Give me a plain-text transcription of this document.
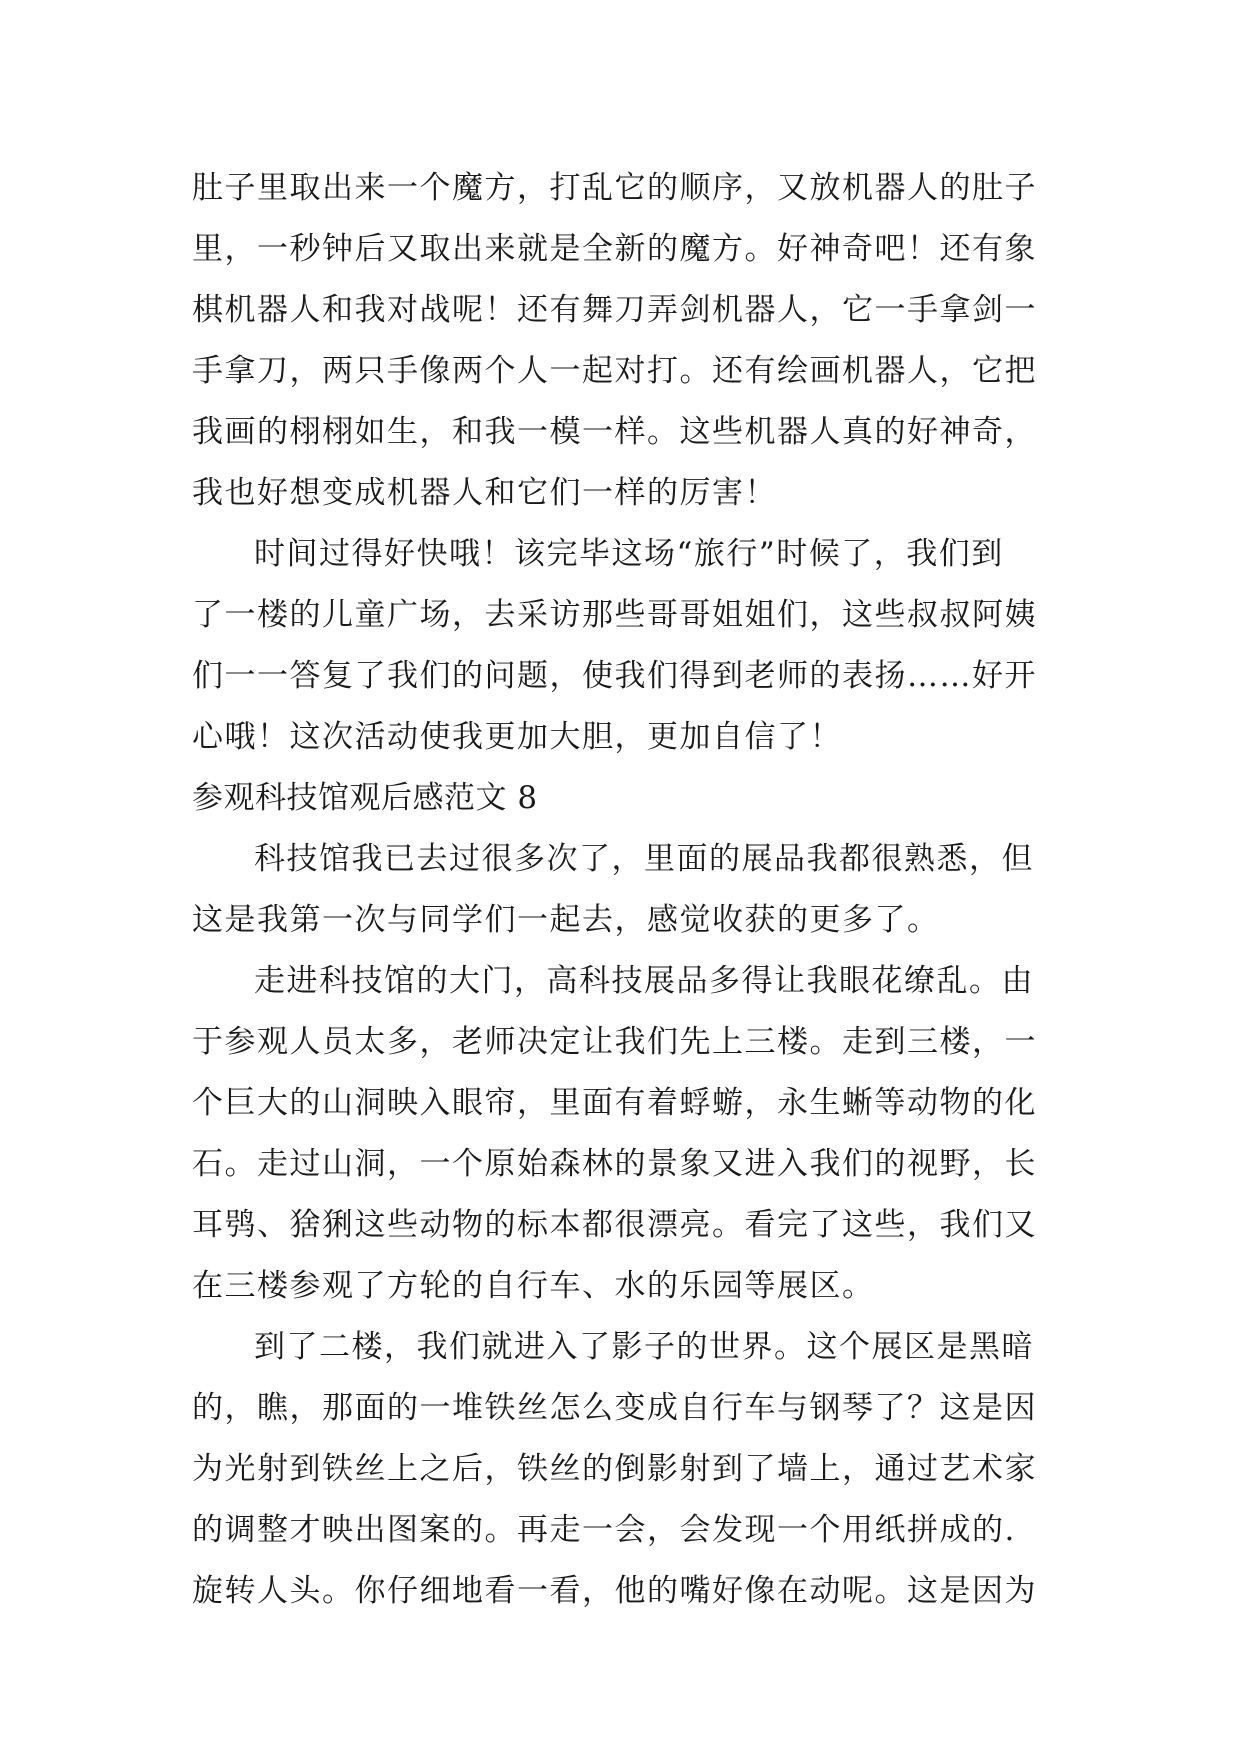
肚子里取出来一个魔方，打乱它的顺序，又放机器人的肚子
里，一秒钟后又取出来就是全新的魔方。好神奇吧！还有象
棋机器人和我对战呢！还有舞刀弄剑机器人，它一手拿剑一
手拿刀，两只手像两个人一起对打。还有绘画机器人，它把
我画的栩栩如生，和我一模一样。这些机器人真的好神奇，
我也好想变成机器人和它们一样的厉害！
时间过得好快哦！该完毕这场“旅行”时候了，我们到
了一楼的儿童广场，去采访那些哥哥姐姐们，这些叔叔阿姨
们一一答复了我们的问题，使我们得到老师的表扬……好开
心哦！这次活动使我更加大胆，更加自信了！
参观科技馆观后感范文 8
科技馆我已去过很多次了，里面的展品我都很熟悉，但
这是我第一次与同学们一起去，感觉收获的更多了。
走进科技馆的大门，高科技展品多得让我眼花缭乱。由
于参观人员太多，老师决定让我们先上三楼。走到三楼，一
个巨大的山洞映入眼帘，里面有着蜉蝣，永生蜥等动物的化
石。走过山洞，一个原始森林的景象又进入我们的视野，长
耳鸮、猞猁这些动物的标本都很漂亮。看完了这些，我们又
在三楼参观了方轮的自行车、水的乐园等展区。
到了二楼，我们就进入了影子的世界。这个展区是黑暗
的，瞧，那面的一堆铁丝怎么变成自行车与钢琴了？这是因
为光射到铁丝上之后，铁丝的倒影射到了墙上，通过艺术家
的调整才映出图案的。再走一会，会发现一个用纸拼成的.
旋转人头。你仔细地看一看，他的嘴好像在动呢。这是因为
